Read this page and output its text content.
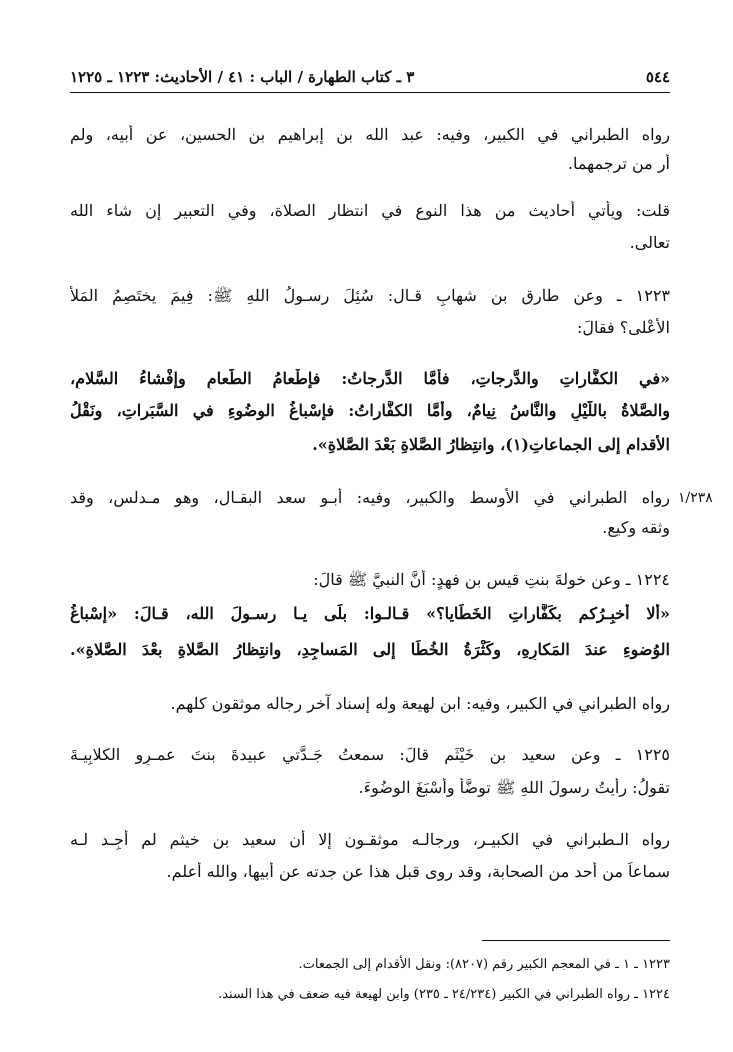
٥٤٤
٣ ـ كتاب الطهارة / الباب : ٤١ / الأحاديث: ١٢٢٣ ـ ١٢٢٥
١/٢٣٨
رواه الطبراني في الكبير، وفيه: عبد الله بن إبراهيم بن الحسين، عن أبيه، ولم
أر من ترجمهما.
قلت: ويأتي أحاديث من هذا النوع في انتظار الصلاة، وفي التعبير إن شاء الله
تعالى.
١٢٢٣ ـ وعن طارقِ بنِ شهابٍ قـال: سُئِلَ رسـولُ اللهِ ﷺ: فِيمَ يختَصِمُ المَلأُ
الأعْلى؟ فقالَ:
«في الكفَّاراتِ والدَّرجاتِ، فأمَّا الدَّرجاتُ: فإطْعامُ الطَّعامِ وإفْشاءُ السَّلامِ،
والصَّلاةُ باللَّيْلِ والنَّاسُ نِيامٌ، وأمَّا الكفَّاراتُ: فإسْباغُ الوضُوءِ في السَّبَراتِ، ونَقْلُ
الأقدامِ إلى الجماعاتِ(١)، وانتِظارُ الصَّلاةِ بَعْدَ الصَّلاةِ».
رواه الطبراني في الأوسط والكبير، وفيه: أبـو سعد البقـال، وهو مـدلس، وقد
وثقه وكيع.
١٢٢٤ ـ وعن خولةَ بنتِ قيسِ بنِ فهدٍ: أنَّ النبيَّ ﷺ قالَ:
«ألا أُخبِـرُكم بكَفَّاراتِ الخَطَايا؟» قـالـوا: بلَى يـا رسـولَ الله، قـالَ: «إسْباغُ
الوُضوءِ عندَ المَكارِهِ، وكَثْرَةُ الخُطَا إلى المَساجِدِ، وانتِظارُ الصَّلاةِ بعْدَ الصَّلاةِ».
رواه الطبراني في الكبير، وفيه: ابن لهيعة وله إسناد آخر رجاله موثقون كلهم.
١٢٢٥ ـ وعن سعيد بنِ خَيْثَم قالَ: سمعتُ جَـدَّتي عبيدةَ بنتَ عمـرٍو الكلابِيـةَ
تقولُ: رأيتُ رسولَ اللهِ ﷺ توضَّأ وأَسْبَغَ الوضُوءَ.
رواه الـطبراني في الكبيـر، ورجالـه موثقـون إلا أن سعيد بن خيثم لم أجِـد لـه
سماعاً من أحد من الصحابة، وقد روى قبل هذا عن جدته عن أبيها، والله أعلم.
١٢٢٣ ـ ١ ـ في المعجم الكبير رقم (٨٢٠٧): ونقل الأقدام إلى الجمعات.
١٢٢٤ ـ رواه الطبراني في الكبير (٢٤/٢٣٤ ـ ٢٣٥) وابن لهيعة فيه ضعف في هذا السند.
